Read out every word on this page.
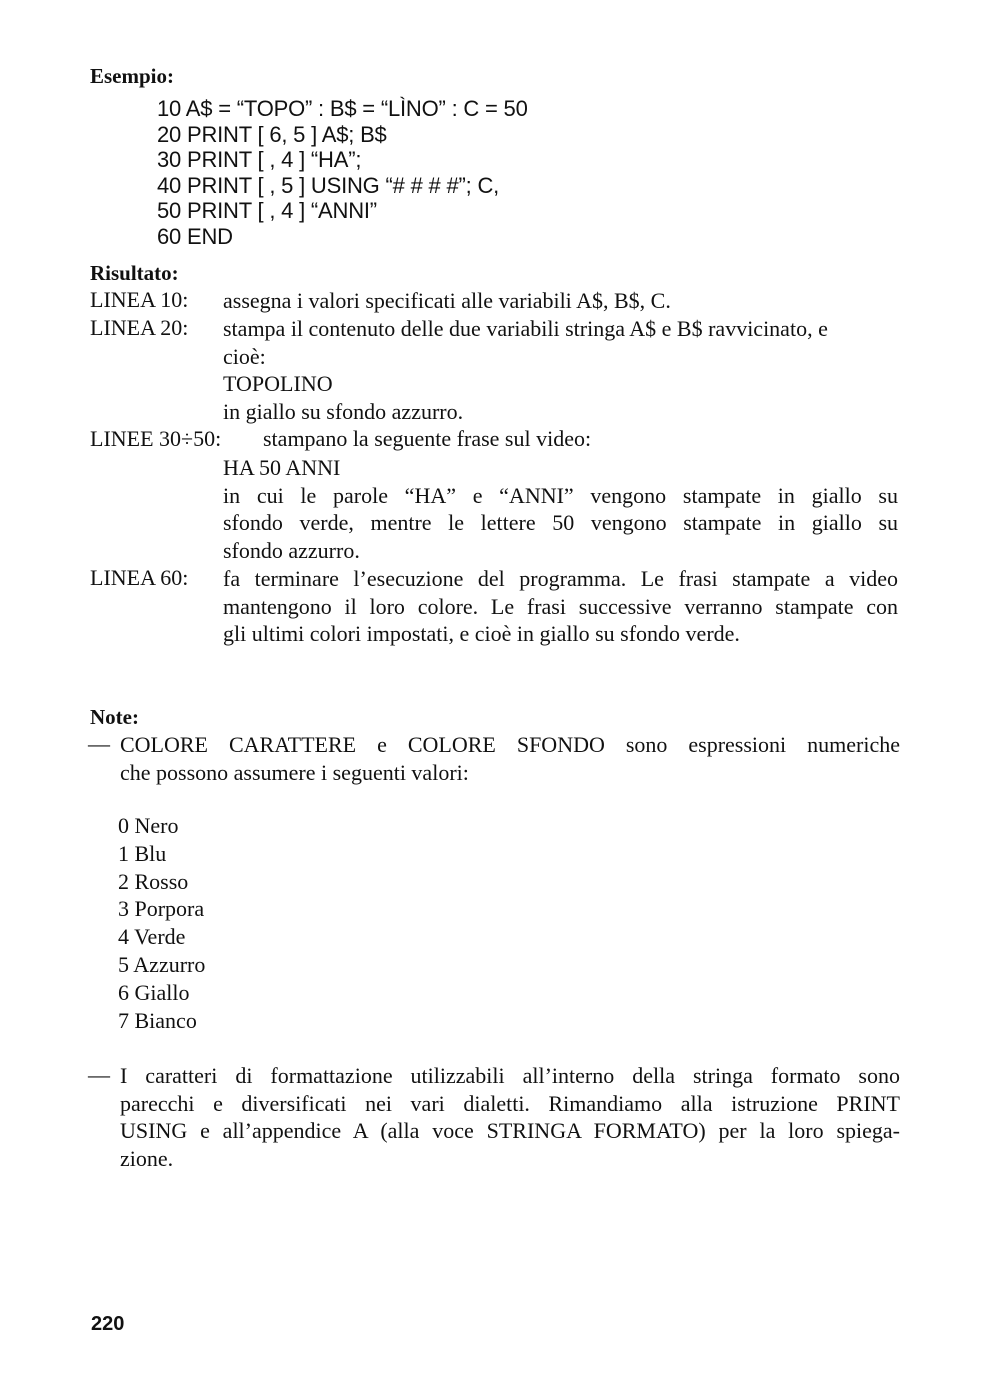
Esempio:
10 A$ = “TOPO” : B$ = “LÌNO” : C = 50
20 PRINT [ 6, 5 ] A$; B$
30 PRINT [ , 4 ] “HA”;
40 PRINT [ , 5 ] USING “# # # #”; C,
50 PRINT [ , 4 ] “ANNI”
60 END
Risultato:
LINEA 10: assegna i valori specificati alle variabili A$, B$, C.
LINEA 20: stampa il contenuto delle due variabili stringa A$ e B$ ravvicinato, e
cioè:
TOPOLINO
in giallo su sfondo azzurro.
LINEE 30÷50: stampano la seguente frase sul video:
HA 50 ANNI
in cui le parole “HA” e “ANNI” vengono stampate in giallo su
sfondo verde, mentre le lettere 50 vengono stampate in giallo su
sfondo azzurro.
LINEA 60: fa terminare l’esecuzione del programma. Le frasi stampate a video
mantengono il loro colore. Le frasi successive verranno stampate con
gli ultimi colori impostati, e cioè in giallo su sfondo verde.
Note:
— COLORE CARATTERE e COLORE SFONDO sono espressioni numeriche
che possono assumere i seguenti valori:
0 Nero
1 Blu
2 Rosso
3 Porpora
4 Verde
5 Azzurro
6 Giallo
7 Bianco
— I caratteri di formattazione utilizzabili all’interno della stringa formato sono
parecchi e diversificati nei vari dialetti. Rimandiamo alla istruzione PRINT
USING e all’appendice A (alla voce STRINGA FORMATO) per la loro spiega-
zione.
220
